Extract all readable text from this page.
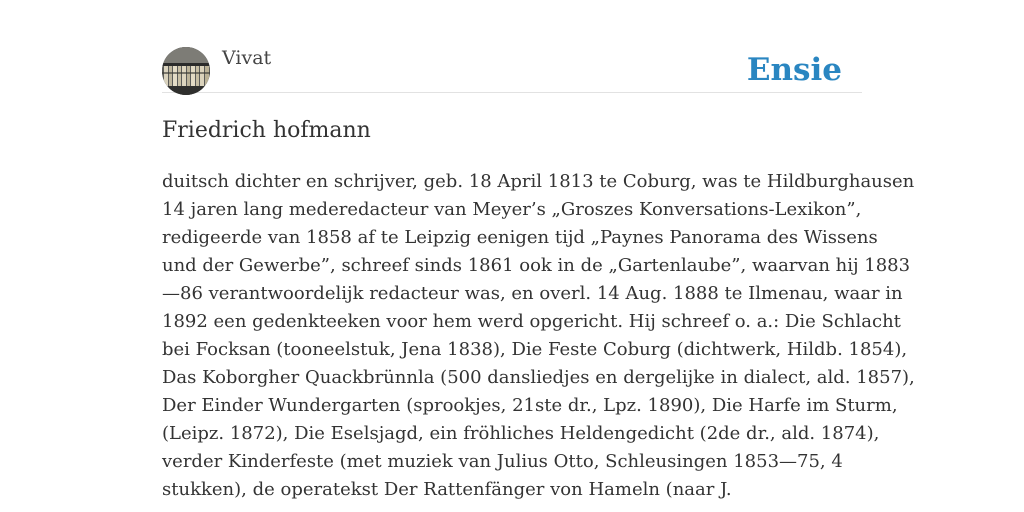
Vivat	Ensie
Friedrich hofmann
duitsch dichter en schrijver, geb. 18 April 1813 te Coburg, was te Hildburghausen
14 jaren lang mederedacteur van Meyer’s „Groszes Konversations-Lexikon”,
redigeerde van 1858 af te Leipzig eenigen tijd „Paynes Panorama des Wissens
und der Gewerbe”, schreef sinds 1861 ook in de „Gartenlaube”, waarvan hij 1883
—86 verantwoordelijk redacteur was, en overl. 14 Aug. 1888 te Ilmenau, waar in
1892 een gedenkteeken voor hem werd opgericht. Hij schreef o. a.: Die Schlacht
bei Focksan (tooneelstuk, Jena 1838), Die Feste Coburg (dichtwerk, Hildb. 1854),
Das Koborgher Quackbrünnla (500 dansliedjes en dergelijke in dialect, ald. 1857),
Der Einder Wundergarten (sprookjes, 21ste dr., Lpz. 1890), Die Harfe im Sturm,
(Leipz. 1872), Die Eselsjagd, ein fröhliches Heldengedicht (2de dr., ald. 1874),
verder Kinderfeste (met muziek van Julius Otto, Schleusingen 1853—75, 4
stukken), de operatekst Der Rattenfänger von Hameln (naar J.
